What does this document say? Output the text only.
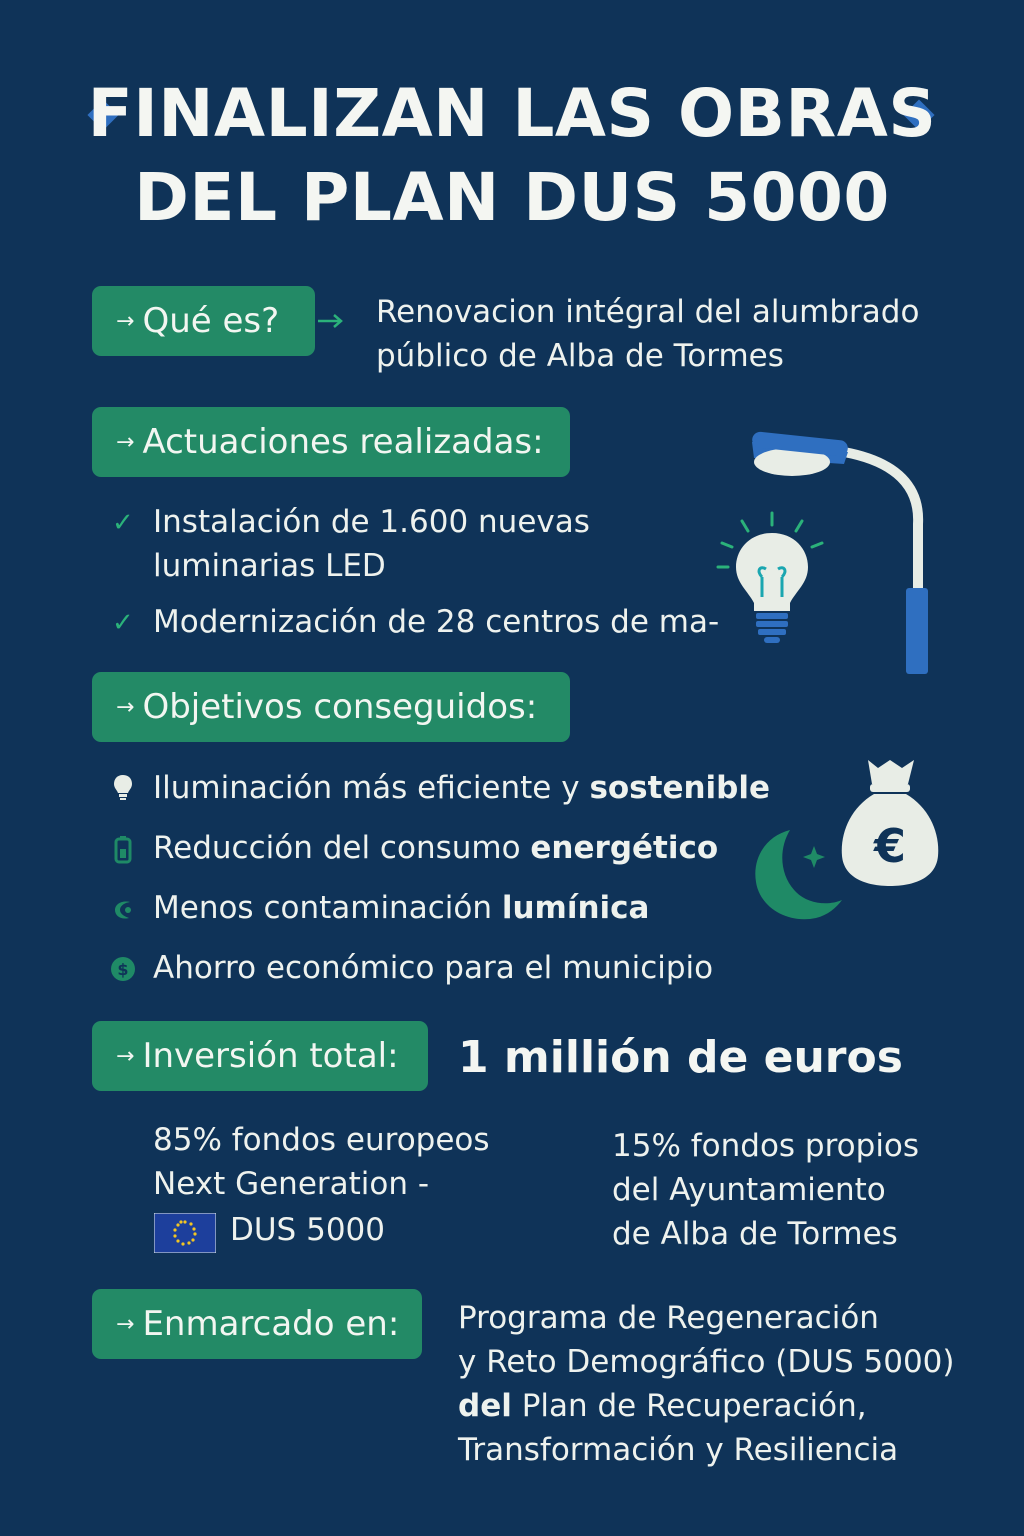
FINALIZAN LAS OBRAS
DEL PLAN DUS 5000
→ Qué es?	Renovacion intégral del alumbrado
público de Alba de Tormes
→ Actuaciones realizadas:
✓ Instalación de 1.600 nuevas
luminarias LED
✓ Modernización de 28 centros de ma-
→ Objetivos conseguidos:
Iluminación más eficiente y sostenible
Reducción del consumo energético
Menos contaminación lumínica
$ Ahorro económico para el municipio
€
→ Inversión total:	1 millión de euros
85% fondos europeos
Next Generation -
DUS 5000
15% fondos propios
del Ayuntamiento
de Alba de Tormes
→ Enmarcado en:	Programa de Regeneración
y Reto Demográfico (DUS 5000)
del Plan de Recuperación,
Transformación y Resiliencia
